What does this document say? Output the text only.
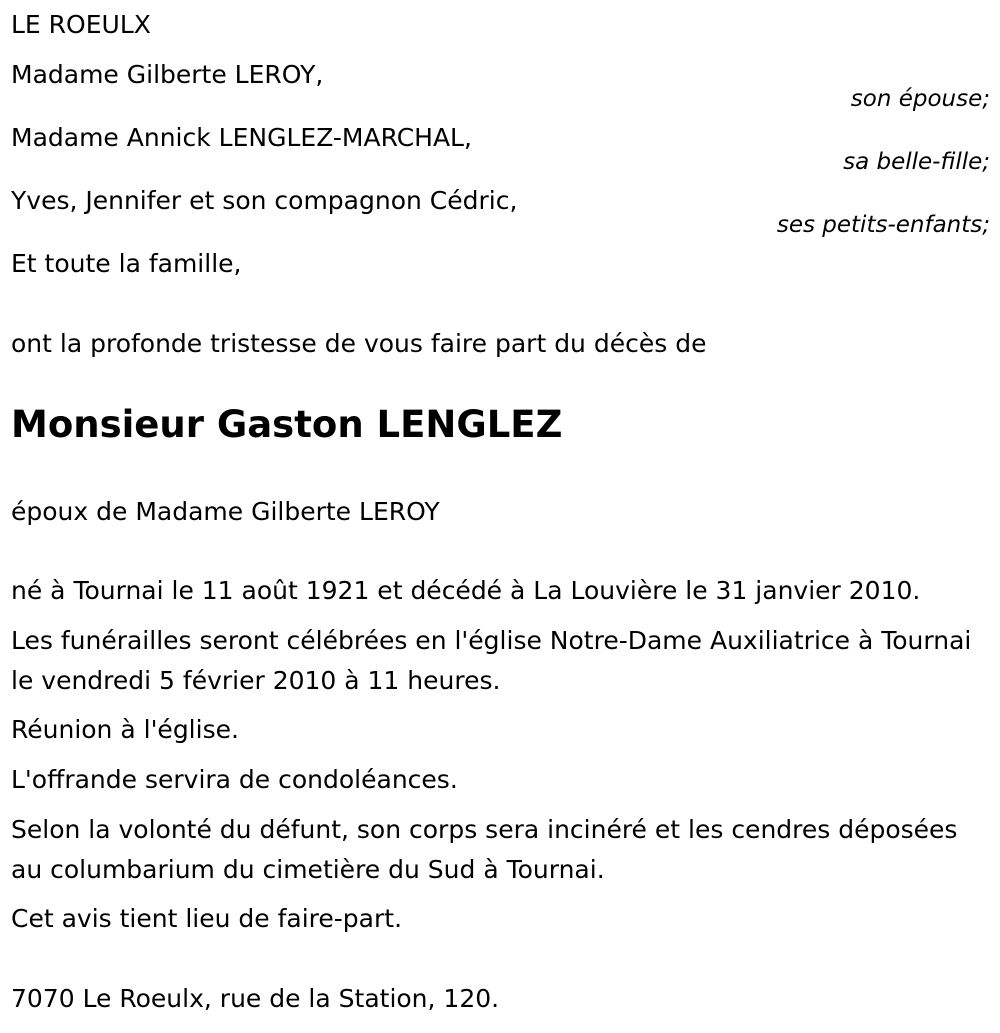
LE ROEULX
Madame Gilberte LEROY,
son épouse;
Madame Annick LENGLEZ-MARCHAL,
sa belle-fille;
Yves, Jennifer et son compagnon Cédric,
ses petits-enfants;
Et toute la famille,
ont la profonde tristesse de vous faire part du décès de
Monsieur Gaston LENGLEZ
époux de Madame Gilberte LEROY
né à Tournai le 11 août 1921 et décédé à La Louvière le 31 janvier 2010.
Les funérailles seront célébrées en l'église Notre-Dame Auxiliatrice à Tournai le vendredi 5 février 2010 à 11 heures.
Réunion à l'église.
L'offrande servira de condoléances.
Selon la volonté du défunt, son corps sera incinéré et les cendres déposées au columbarium du cimetière du Sud à Tournai.
Cet avis tient lieu de faire-part.
7070 Le Roeulx, rue de la Station, 120.
